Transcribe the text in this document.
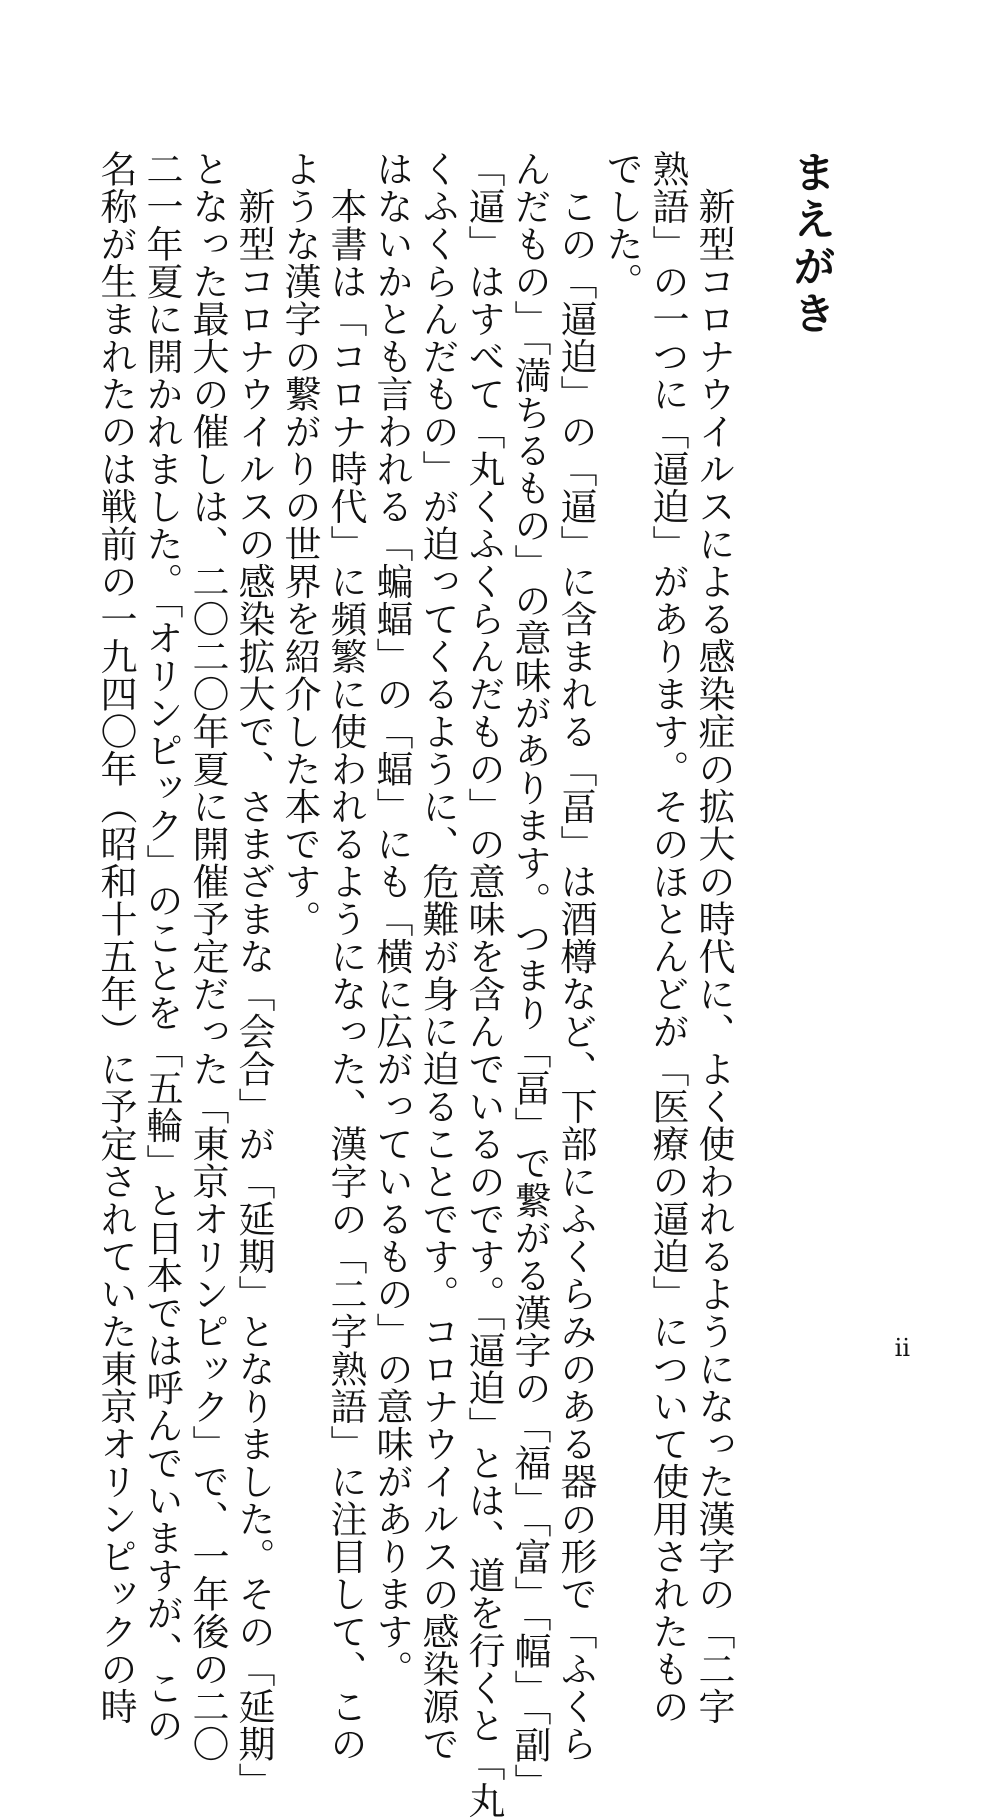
まえがき
　新型コロナウイルスによる感染症の拡大の時代に、よく使われるようになった漢字の「二字
熟語」の一つに「逼迫」があります。そのほとんどが「医療の逼迫」について使用されたもの
でした。
　この「逼迫」の「逼」に含まれる「畐」は酒樽など、下部にふくらみのある器の形で「ふくら
んだもの」「満ちるもの」の意味があります。つまり「畐」で繋がる漢字の「福」「富」「幅」「副」
「逼」はすべて「丸くふくらんだもの」の意味を含んでいるのです。「逼迫」とは、道を行くと「丸
くふくらんだもの」が迫ってくるように、危難が身に迫ることです。コロナウイルスの感染源で
はないかとも言われる「蝙蝠」の「蝠」にも「横に広がっているもの」の意味があります。
　本書は「コロナ時代」に頻繁に使われるようになった、漢字の「二字熟語」に注目して、この
ような漢字の繋がりの世界を紹介した本です。
　新型コロナウイルスの感染拡大で、さまざまな「会合」が「延期」となりました。その「延期」
となった最大の催しは、二〇二〇年夏に開催予定だった「東京オリンピック」で、一年後の二〇
二一年夏に開かれました。「オリンピック」のことを「五輪」と日本では呼んでいますが、この
名称が生まれたのは戦前の一九四〇年（昭和十五年）に予定されていた東京オリンピックの時	ii
